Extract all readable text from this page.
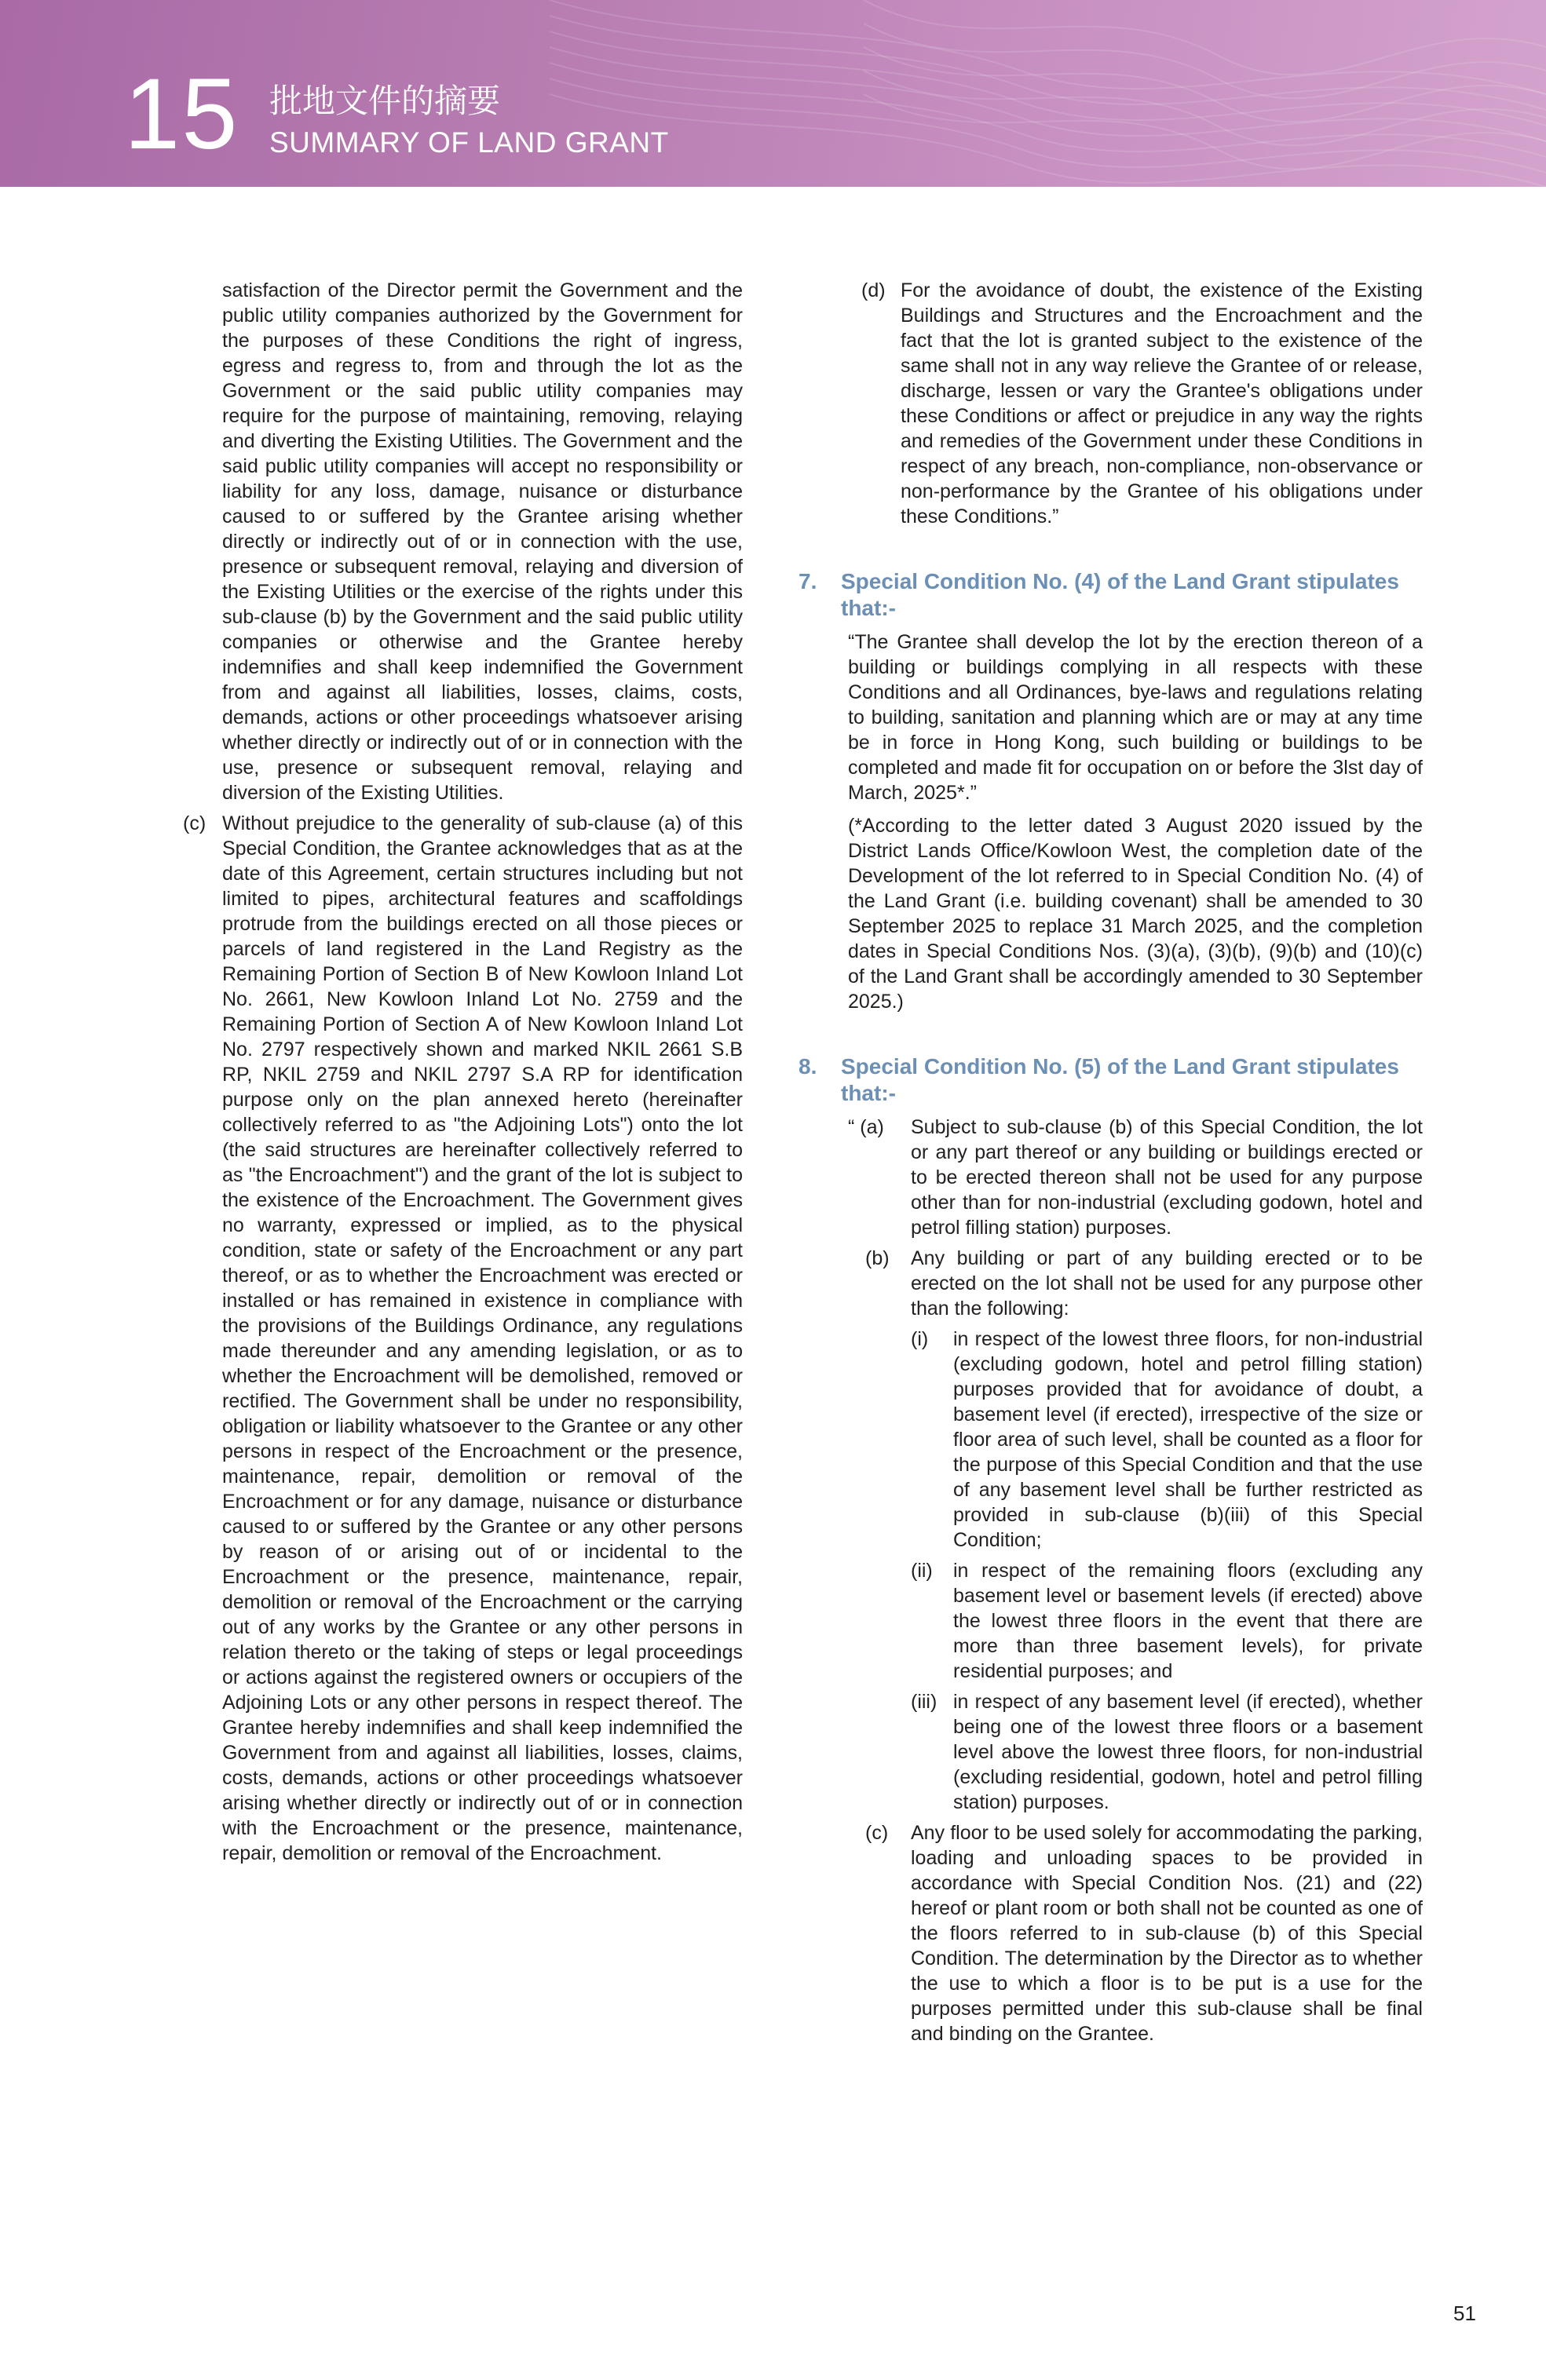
15 批地文件的摘要
SUMMARY OF LAND GRANT

satisfaction of the Director permit the Government and the public utility companies authorized by the Government for the purposes of these Conditions the right of ingress, egress and regress to, from and through the lot as the Government or the said public utility companies may require for the purpose of maintaining, removing, relaying and diverting the Existing Utilities. The Government and the said public utility companies will accept no responsibility or liability for any loss, damage, nuisance or disturbance caused to or suffered by the Grantee arising whether directly or indirectly out of or in connection with the use, presence or subsequent removal, relaying and diversion of the Existing Utilities or the exercise of the rights under this sub-clause (b) by the Government and the said public utility companies or otherwise and the Grantee hereby indemnifies and shall keep indemnified the Government from and against all liabilities, losses, claims, costs, demands, actions or other proceedings whatsoever arising whether directly or indirectly out of or in connection with the use, presence or subsequent removal, relaying and diversion of the Existing Utilities.

(c) Without prejudice to the generality of sub-clause (a) of this Special Condition, the Grantee acknowledges that as at the date of this Agreement, certain structures including but not limited to pipes, architectural features and scaffoldings protrude from the buildings erected on all those pieces or parcels of land registered in the Land Registry as the Remaining Portion of Section B of New Kowloon Inland Lot No. 2661, New Kowloon Inland Lot No. 2759 and the Remaining Portion of Section A of New Kowloon Inland Lot No. 2797 respectively shown and marked NKIL 2661 S.B RP, NKIL 2759 and NKIL 2797 S.A RP for identification purpose only on the plan annexed hereto (hereinafter collectively referred to as "the Adjoining Lots") onto the lot (the said structures are hereinafter collectively referred to as "the Encroachment") and the grant of the lot is subject to the existence of the Encroachment. The Government gives no warranty, expressed or implied, as to the physical condition, state or safety of the Encroachment or any part thereof, or as to whether the Encroachment was erected or installed or has remained in existence in compliance with the provisions of the Buildings Ordinance, any regulations made thereunder and any amending legislation, or as to whether the Encroachment will be demolished, removed or rectified. The Government shall be under no responsibility, obligation or liability whatsoever to the Grantee or any other persons in respect of the Encroachment or the presence, maintenance, repair, demolition or removal of the Encroachment or for any damage, nuisance or disturbance caused to or suffered by the Grantee or any other persons by reason of or arising out of or incidental to the Encroachment or the presence, maintenance, repair, demolition or removal of the Encroachment or the carrying out of any works by the Grantee or any other persons in relation thereto or the taking of steps or legal proceedings or actions against the registered owners or occupiers of the Adjoining Lots or any other persons in respect thereof. The Grantee hereby indemnifies and shall keep indemnified the Government from and against all liabilities, losses, claims, costs, demands, actions or other proceedings whatsoever arising whether directly or indirectly out of or in connection with the Encroachment or the presence, maintenance, repair, demolition or removal of the Encroachment.

(d) For the avoidance of doubt, the existence of the Existing Buildings and Structures and the Encroachment and the fact that the lot is granted subject to the existence of the same shall not in any way relieve the Grantee of or release, discharge, lessen or vary the Grantee's obligations under these Conditions or affect or prejudice in any way the rights and remedies of the Government under these Conditions in respect of any breach, non-compliance, non-observance or non-performance by the Grantee of his obligations under these Conditions.”

7.	Special Condition No. (4) of the Land Grant stipulates that:-

“The Grantee shall develop the lot by the erection thereon of a building or buildings complying in all respects with these Conditions and all Ordinances, bye-laws and regulations relating to building, sanitation and planning which are or may at any time be in force in Hong Kong, such building or buildings to be completed and made fit for occupation on or before the 3lst day of March, 2025*.”

(*According to the letter dated 3 August 2020 issued by the District Lands Office/Kowloon West, the completion date of the Development of the lot referred to in Special Condition No. (4) of the Land Grant (i.e. building covenant) shall be amended to 30 September 2025 to replace 31 March 2025, and the completion dates in Special Conditions Nos. (3)(a), (3)(b), (9)(b) and (10)(c) of the Land Grant shall be accordingly amended to 30 September 2025.)

8.	Special Condition No. (5) of the Land Grant stipulates that:-
“ (a)	Subject to sub-clause (b) of this Special Condition, the lot or any part thereof or any building or buildings erected or to be erected thereon shall not be used for any purpose other than for non-industrial (excluding godown, hotel and petrol filling station) purposes.

(b)	Any building or part of any building erected or to be erected on the lot shall not be used for any purpose other than the following:

(i)	in respect of the lowest three floors, for non-industrial (excluding godown, hotel and petrol filling station) purposes provided that for avoidance of doubt, a basement level (if erected), irrespective of the size or floor area of such level, shall be counted as a floor for the purpose of this Special Condition and that the use of any basement level shall be further restricted as provided in sub-clause (b)(iii) of this Special Condition;

(ii)	in respect of the remaining floors (excluding any basement level or basement levels (if erected) above the lowest three floors in the event that there are more than three basement levels), for private residential purposes; and

(iii) in respect of any basement level (if erected), whether being one of the lowest three floors or a basement level above the lowest three floors, for non-industrial (excluding residential, godown, hotel and petrol filling station) purposes.

(c)	Any floor to be used solely for accommodating the parking, loading and unloading spaces to be provided in accordance with Special Condition Nos. (21) and (22) hereof or plant room or both shall not be counted as one of the floors referred to in sub-clause (b) of this Special Condition. The determination by the Director as to whether the use to which a floor is to be put is a use for the purposes permitted under this sub-clause shall be final and binding on the Grantee.

51
